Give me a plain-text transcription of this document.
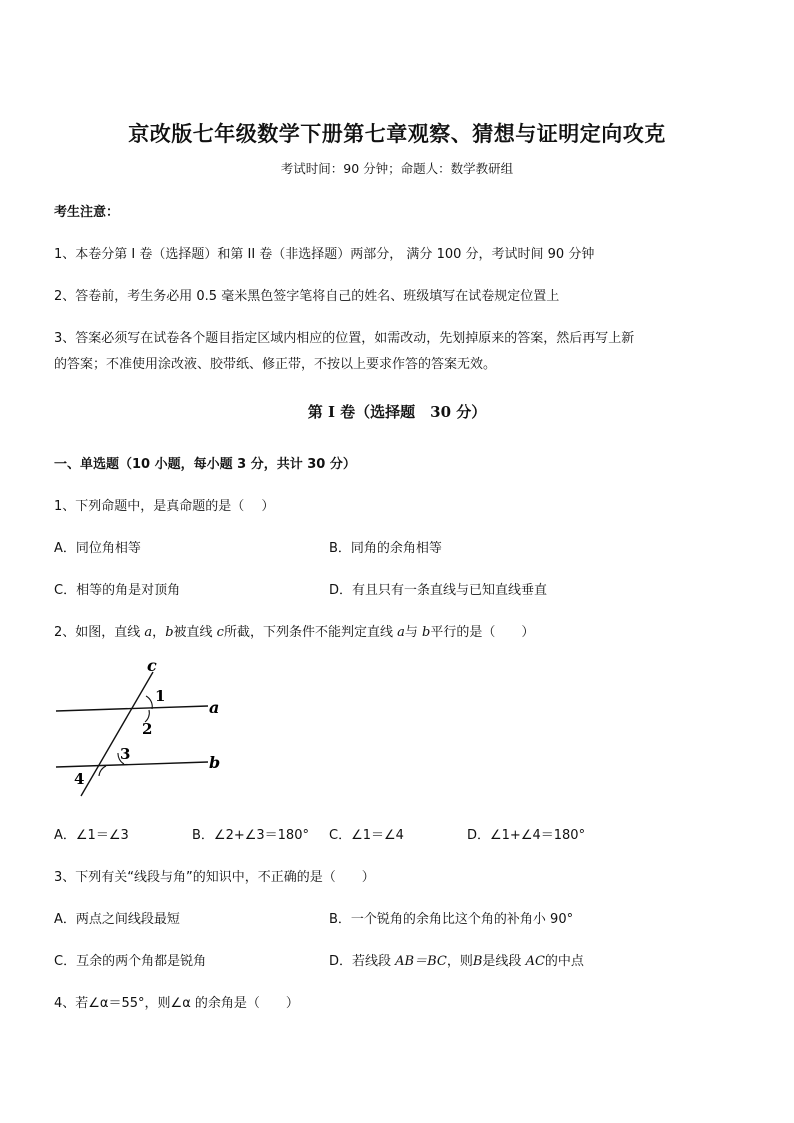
京改版七年级数学下册第七章观察、猜想与证明定向攻克
考试时间：90 分钟；命题人：数学教研组
考生注意：
1、本卷分第 I 卷（选择题）和第 II 卷（非选择题）两部分， 满分 100 分，考试时间 90 分钟
2、答卷前，考生务必用 0.5 毫米黑色签字笔将自己的姓名、班级填写在试卷规定位置上
3、答案必须写在试卷各个题目指定区域内相应的位置，如需改动，先划掉原来的答案，然后再写上新
的答案；不准使用涂改液、胶带纸、修正带，不按以上要求作答的答案无效。
第 I 卷（选择题　30 分）
一、单选题（10 小题，每小题 3 分，共计 30 分）
1、下列命题中，是真命题的是（　 ）
A．同位角相等	B．同角的余角相等
C．相等的角是对顶角	D．有且只有一条直线与已知直线垂直
2、如图，直线 a，b被直线 c所截，下列条件不能判定直线 a与 b平行的是（　　）
c
a
b
1
2
3
4
A．∠1＝∠3	B．∠2+∠3＝180° C．∠1＝∠4	D．∠1+∠4＝180°
3、下列有关“线段与角”的知识中，不正确的是（　　）
A．两点之间线段最短	B．一个锐角的余角比这个角的补角小 90°
C．互余的两个角都是锐角	D．若线段 AB＝BC，则B是线段 AC的中点
4、若∠α＝55°，则∠α 的余角是（　　）
